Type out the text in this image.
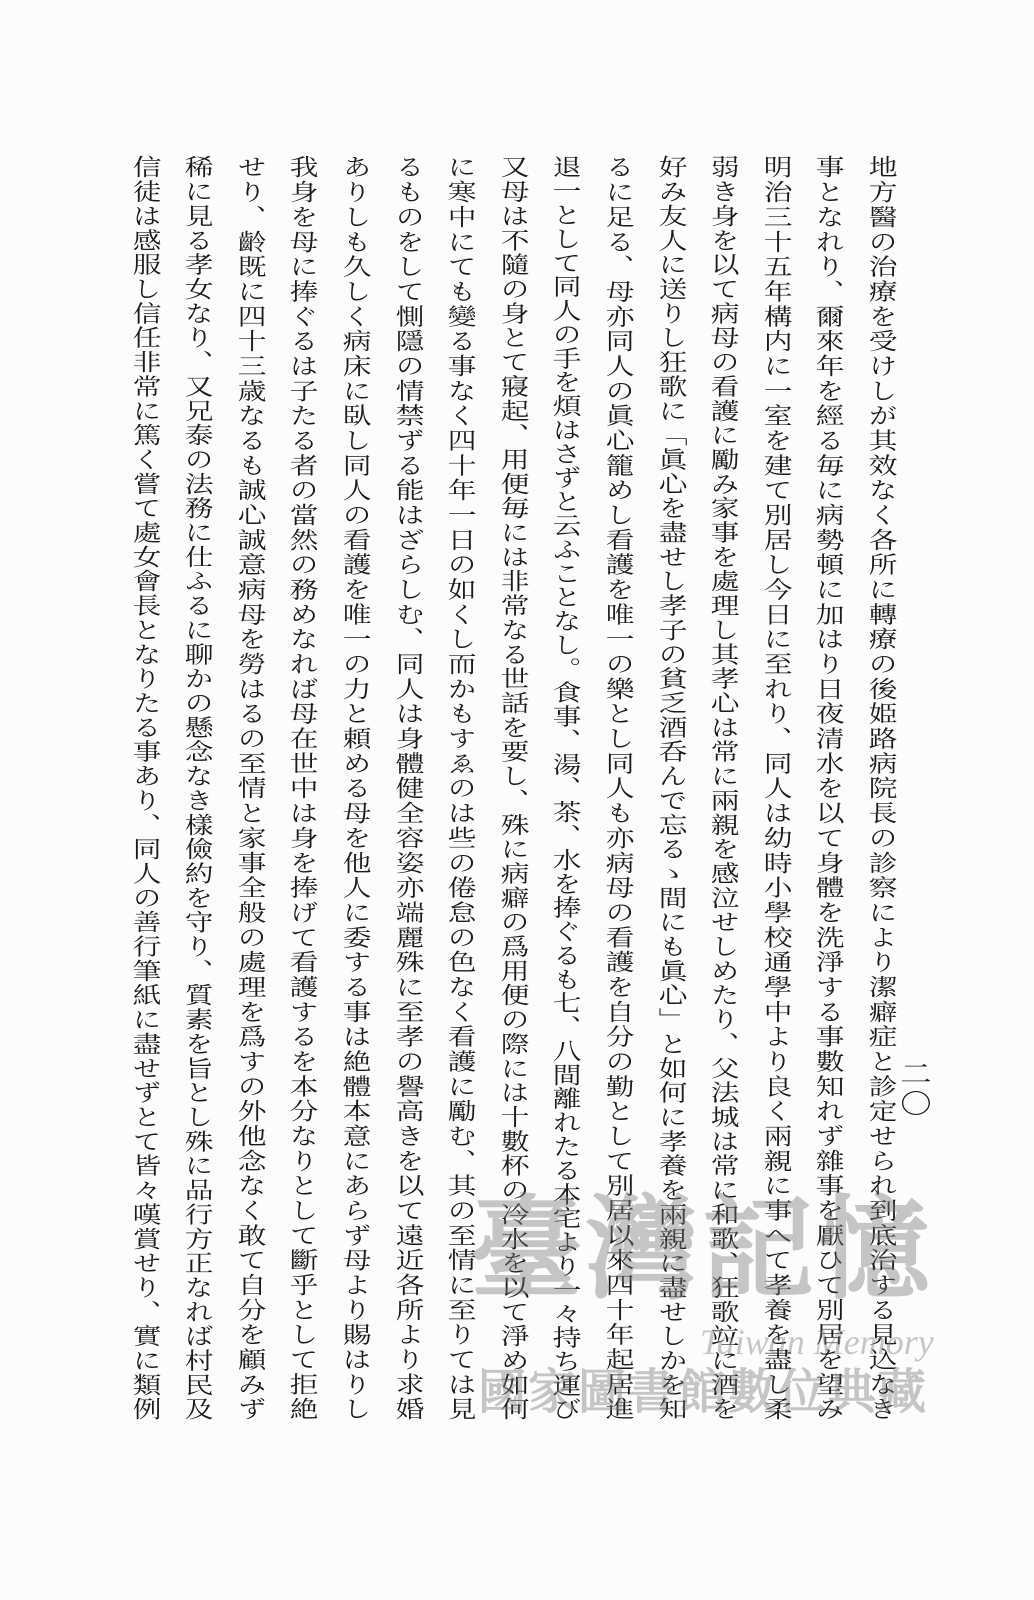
地方醫の治療を受けしが其效なく各所に轉療の後姫路病院長の診察により潔癖症と診定せられ到底治する見込なき
事となれり、爾來年を經る毎に病勢頓に加はり日夜清水を以て身體を洗淨する事數知れず雜事を厭ひて別居を望み
明治三十五年構内に一室を建て別居し今日に至れり、同人は幼時小學校通學中より良く兩親に事へて孝養を盡し柔
弱き身を以て病母の看護に勵み家事を處理し其孝心は常に兩親を感泣せしめたり、父法城は常に和歌、狂歌竝に酒を
好み友人に送りし狂歌に「眞心を盡せし孝子の貧乏酒呑んで忘るゝ間にも眞心」と如何に孝養を兩親に盡せしかを知
るに足る、母亦同人の眞心籠めし看護を唯一の樂とし同人も亦病母の看護を自分の勤として別居以來四十年起居進
退一として同人の手を煩はさずと云ふことなし。食事、湯、茶、水を捧ぐるも七、八間離れたる本宅より一々持ち運び
又母は不隨の身とて寢起、用便毎には非常なる世話を要し、殊に病癖の爲用便の際には十數杯の冷水を以て淨め如何
に寒中にても變る事なく四十年一日の如くし而かもすゑのは些の倦怠の色なく看護に勵む、其の至情に至りては見
るものをして惻隱の情禁ずる能はざらしむ、同人は身體健全容姿亦端麗殊に至孝の譽高きを以て遠近各所より求婚
ありしも久しく病床に臥し同人の看護を唯一の力と頼める母を他人に委する事は絶體本意にあらず母より賜はりし
我身を母に捧ぐるは子たる者の當然の務めなれば母在世中は身を捧げて看護するを本分なりとして斷乎として拒絶
せり、齡既に四十三歳なるも誠心誠意病母を勞はるの至情と家事全般の處理を爲すの外他念なく敢て自分を顧みず
稀に見る孝女なり、又兄泰の法務に仕ふるに聊かの懸念なき樣儉約を守り、質素を旨とし殊に品行方正なれば村民及
信徒は感服し信任非常に篤く嘗て處女會長となりたる事あり、同人の善行筆紙に盡せずとて皆々嘆賞せり、實に類例	二〇
臺灣記憶
Taiwan Memory
國家圖書館數位典藏
